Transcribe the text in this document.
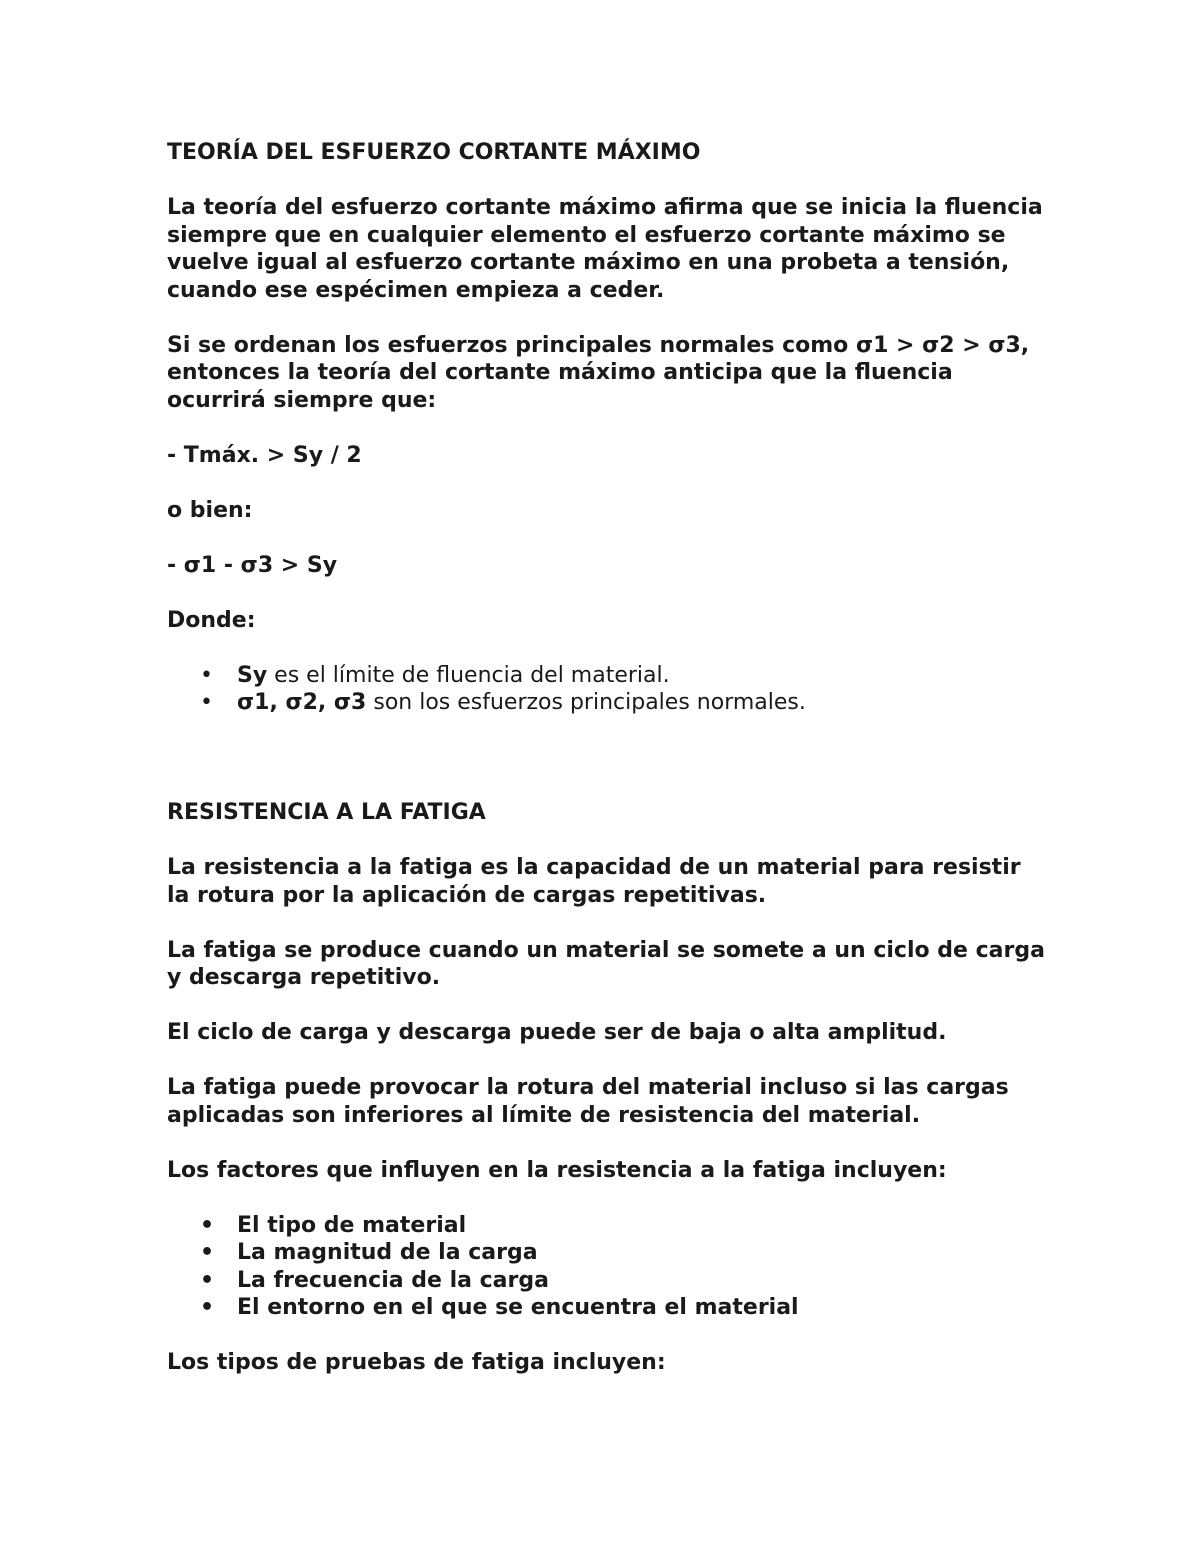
TEORÍA DEL ESFUERZO CORTANTE MÁXIMO

La teoría del esfuerzo cortante máximo afirma que se inicia la fluencia siempre que en cualquier elemento el esfuerzo cortante máximo se vuelve igual al esfuerzo cortante máximo en una probeta a tensión, cuando ese espécimen empieza a ceder.

Si se ordenan los esfuerzos principales normales como σ1 > σ2 > σ3, entonces la teoría del cortante máximo anticipa que la fluencia ocurrirá siempre que:

- Tmáx. > Sy / 2

o bien:

- σ1 - σ3 > Sy

Donde:

• Sy es el límite de fluencia del material.
• σ1, σ2, σ3 son los esfuerzos principales normales.

RESISTENCIA A LA FATIGA

La resistencia a la fatiga es la capacidad de un material para resistir la rotura por la aplicación de cargas repetitivas.

La fatiga se produce cuando un material se somete a un ciclo de carga y descarga repetitivo.

El ciclo de carga y descarga puede ser de baja o alta amplitud.

La fatiga puede provocar la rotura del material incluso si las cargas aplicadas son inferiores al límite de resistencia del material.

Los factores que influyen en la resistencia a la fatiga incluyen:

• El tipo de material
• La magnitud de la carga
• La frecuencia de la carga
• El entorno en el que se encuentra el material

Los tipos de pruebas de fatiga incluyen:
